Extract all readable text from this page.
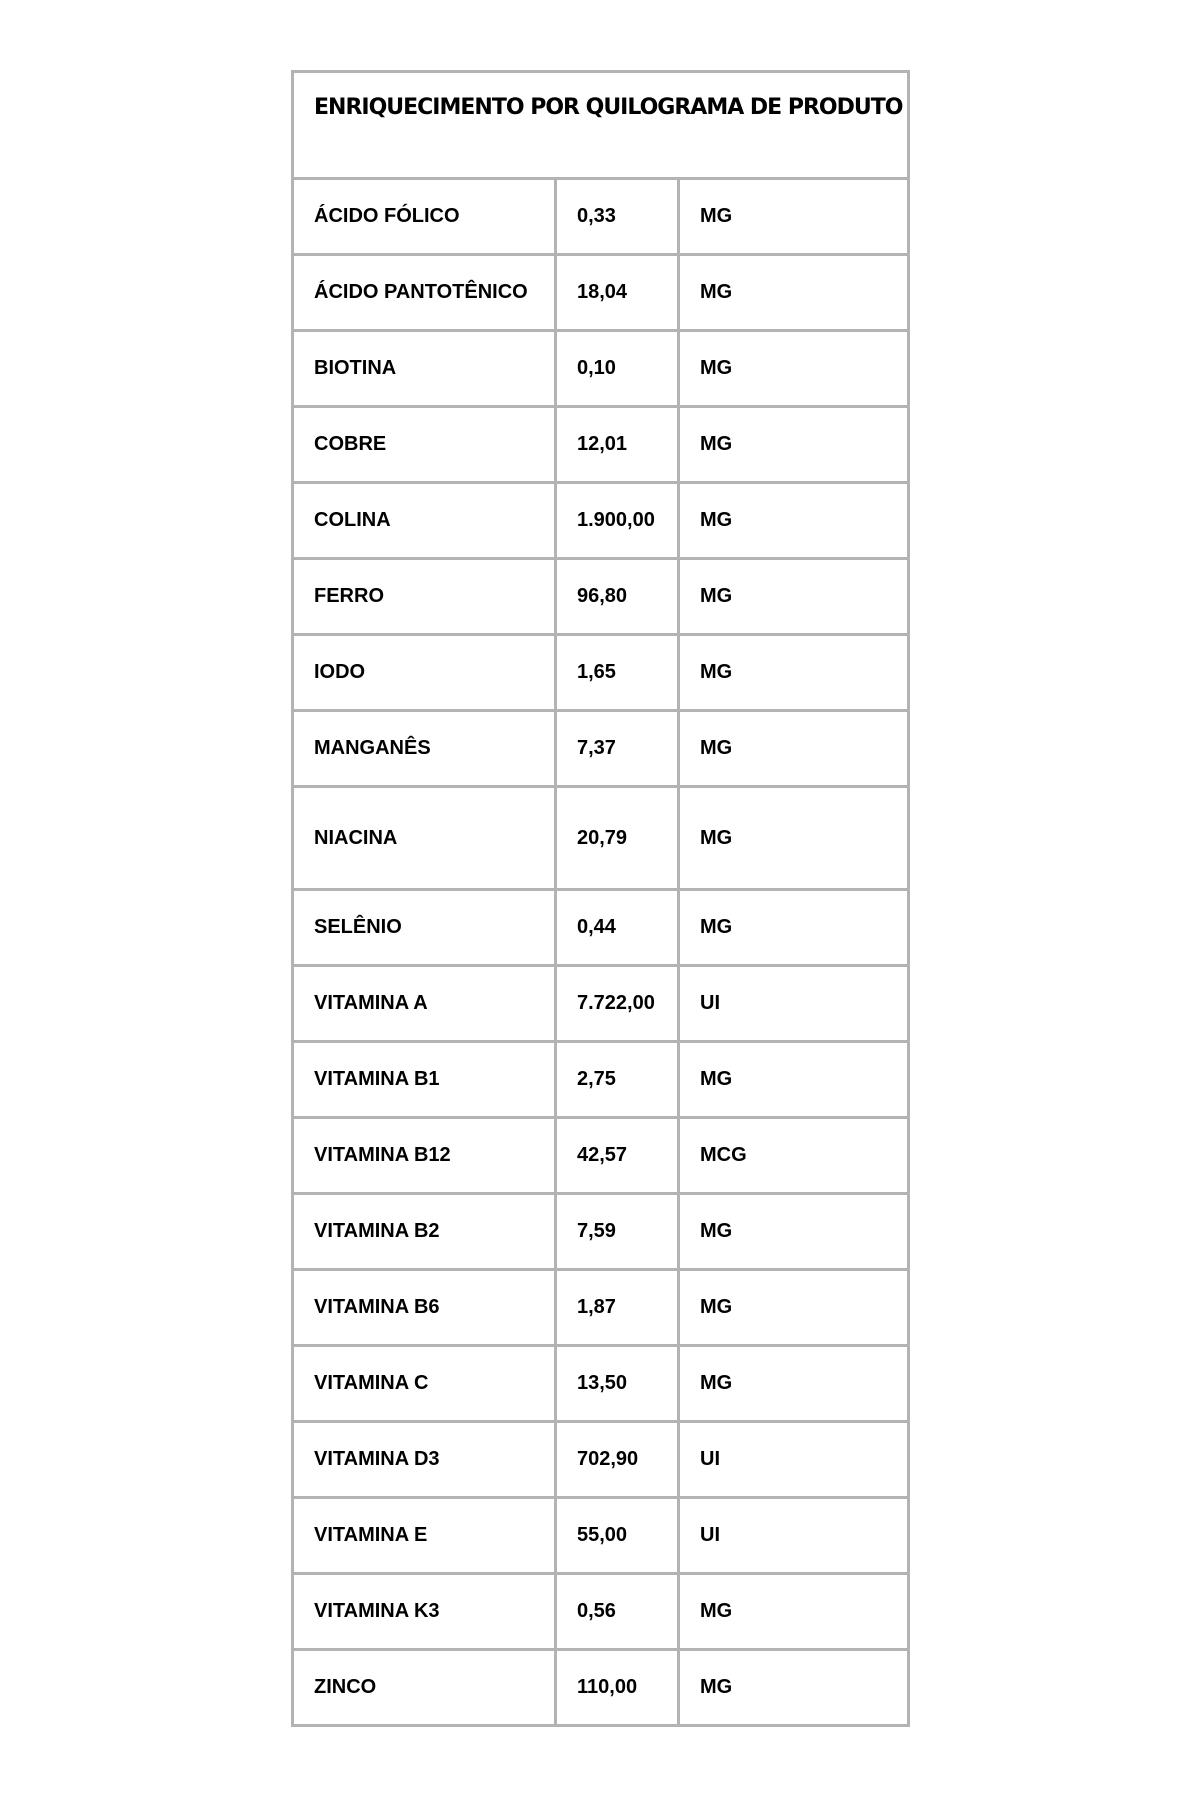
ENRIQUECIMENTO POR QUILOGRAMA DE PRODUTO
ÁCIDO FÓLICO	0,33	MG
ÁCIDO PANTOTÊNICO	18,04	MG
BIOTINA	0,10	MG
COBRE	12,01	MG
COLINA	1.900,00	MG
FERRO	96,80	MG
IODO	1,65	MG
MANGANÊS	7,37	MG
NIACINA	20,79	MG
SELÊNIO	0,44	MG
VITAMINA A	7.722,00	UI
VITAMINA B1	2,75	MG
VITAMINA B12	42,57	MCG
VITAMINA B2	7,59	MG
VITAMINA B6	1,87	MG
VITAMINA C	13,50	MG
VITAMINA D3	702,90	UI
VITAMINA E	55,00	UI
VITAMINA K3	0,56	MG
ZINCO	110,00	MG
